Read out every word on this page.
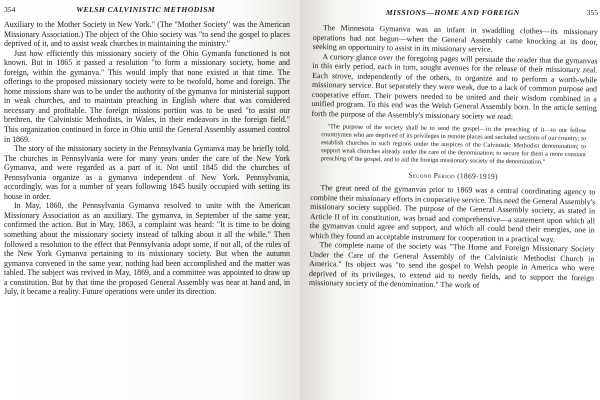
354	WELSH CALVINISTIC METHODISM

Auxiliary to the Mother Society in New York." (The "Mother Society" was the American Missionary Association.) The object of the Ohio society was "to send the gospel to places deprived of it, and to assist weak churches in maintaining the ministry."

Just how efficiently this missionary society of the Ohio Gymanfa functioned is not known. But in 1865 it passed a resolution "to form a missionary society, home and foreign, within the gymanva." This would imply that none existed at that time. The offerings to the proposed missionary society were to be twofold, home and foreign. The home missions share was to be under the authority of the gymanva for ministerial support in weak churches, and to maintain preaching in English where that was considered necessary and profitable. The foreign missions portion was to be used "to assist our brethren, the Calvinistic Methodists, in Wales, in their endeavors in the foreign field." This organization continued in force in Ohio until the General Assembly assumed control in 1869.

The story of the missionary society in the Pennsylvania Gymanva may be briefly told. The churches in Pennsylvania were for many years under the care of the New York Gymanva, and were regarded as a part of it. Not until 1845 did the churches of Pennsylvania organize as a gymanva independent of New York. Pennsylvania, accordingly, was for a number of years following 1845 busily occupied with setting its house in order.

In May, 1860, the Pennsylvania Gymanva resolved to unite with the American Missionary Association as an auxiliary. The gymanva, in September of the same year, confirmed the action. But in May, 1863, a complaint was heard: "It is time to be doing something about the missionary society instead of talking about it all the while." Then followed a resolution to the effect that Pennsylvania adopt some, if not all, of the rules of the New York Gymanva pertaining to its missionary society. But when the autumn gymanva convened in the same year, nothing had been accomplished and the matter was tabled. The subject was revived in May, 1869, and a committee was appointed to draw up a constitution. But by that time the proposed General Assembly was near at hand and, in July, it became a reality. Future operations were under its direction.

MISSIONS—HOME AND FOREIGN	355

The Minnesota Gymanva was an infant in swaddling clothes—its missionary operations had not begun—when the General Assembly came knocking at its door, seeking an opportunity to assist in its missionary service.

A cursory glance over the foregoing pages will persuade the reader that the gymanvas in this early period, each in turn, sought avenues for the release of their missionary zeal. Each strove, independently of the others, to organize and to perform a worth-while missionary service. But separately they were weak, due to a lack of common purpose and cooperative effort. Their powers needed to be united and their wisdom combined in a unified program. To this end was the Welsh General Assembly born. In the article setting forth the purpose of the Assembly's missionary society we read:

"The purpose of the society shall be to send the gospel—in the preaching of it—to our fellow countrymen who are deprived of its privileges in remote places and secluded sections of our country; to establish churches in such regions under the auspices of the Calvinistic Methodist denomination; to support weak churches already under the care of the denomination; to secure for them a more constant preaching of the gospel, and to aid the foreign missionary society of the denomination."

Second Period (1869-1919)

The great need of the gymanvas prior to 1869 was a central coordinating agency to combine their missionary efforts in cooperative service. This need the General Assembly's missionary society supplied. The purpose of the General Assembly society, as stated in Article II of its constitution, was broad and comprehensive—a statement upon which all the gymanvas could agree and support, and which all could bend their energies, one in which they found an acceptable instrument for cooperation in a practical way.

The complete name of the society was "The Home and Foreign Missionary Society Under the Care of the General Assembly of the Calvinistic Methodist Church in America." Its object was "to send the gospel to Welsh people in America who were deprived of its privileges, to extend aid to needy fields, and to support the foreign missionary society of the denomination." The work of
